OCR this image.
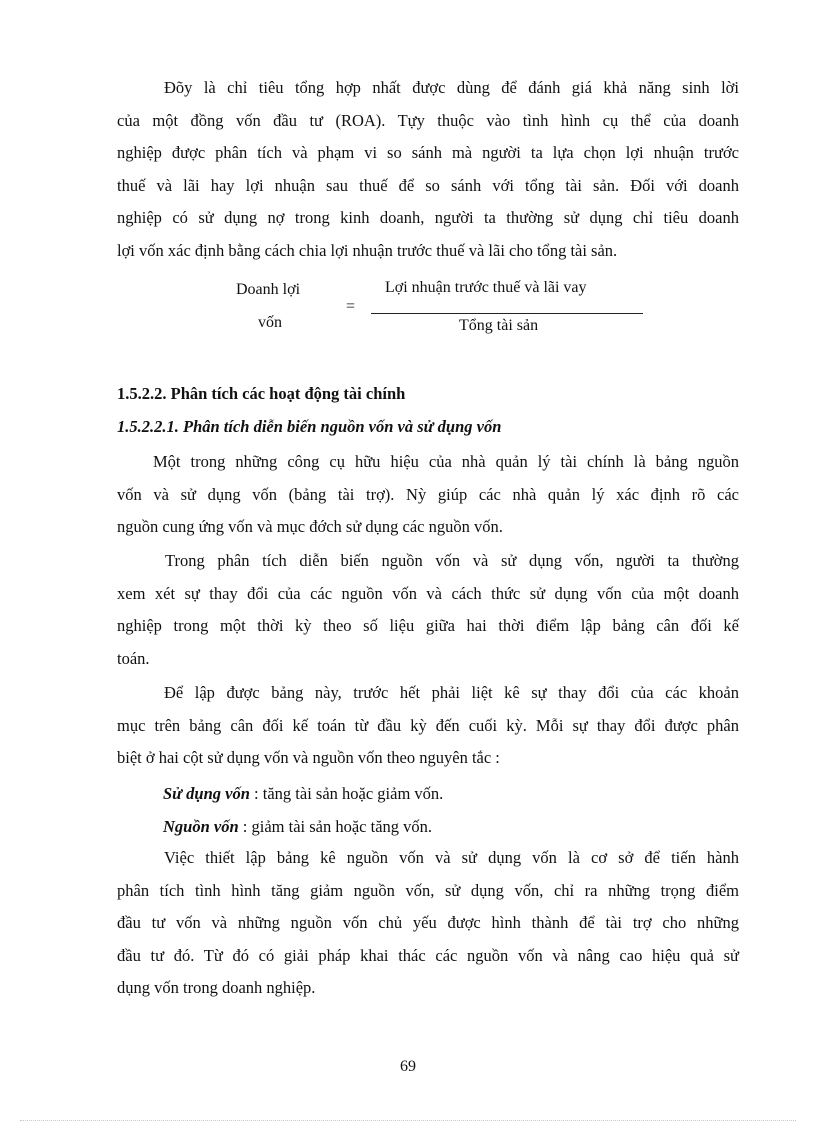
Đõy là chỉ tiêu tổng hợp nhất được dùng để đánh giá khả năng sinh lời
của một đồng vốn đầu tư (ROA). Tựy thuộc vào tình hình cụ thể của doanh
nghiệp được phân tích và phạm vi so sánh mà người ta lựa chọn lợi nhuận trước
thuế và lãi hay lợi nhuận sau thuế để so sánh với tổng tài sản. Đối với doanh
nghiệp có sử dụng nợ trong kinh doanh, người ta thường sử dụng chỉ tiêu doanh
lợi vốn xác định bằng cách chia lợi nhuận trước thuế và lãi cho tổng tài sản.

Doanh lợi
vốn
=
Lợi nhuận trước thuế và lãi vay
Tổng tài sản
1.5.2.2. Phân tích các hoạt động tài chính
1.5.2.2.1. Phân tích diễn biến nguồn vốn và sử dụng vốn

Một trong những công cụ hữu hiệu của nhà quản lý tài chính là bảng nguồn
vốn và sử dụng vốn (bảng tài trợ). Nỳ giúp các nhà quản lý xác định rõ các
nguồn cung ứng vốn và mục đớch sử dụng các nguồn vốn.

Trong phân tích diễn biến nguồn vốn và sử dụng vốn, người ta thường
xem xét sự thay đổi của các nguồn vốn và cách thức sử dụng vốn của một doanh
nghiệp trong một thời kỳ theo số liệu giữa hai thời điểm lập bảng cân đối kế
toán.

Để lập được bảng này, trước hết phải liệt kê sự thay đổi của các khoản
mục trên bảng cân đối kế toán từ đầu kỳ đến cuối kỳ. Mỗi sự thay đổi được phân
biệt ở hai cột sử dụng vốn và nguồn vốn theo nguyên tắc :

Sử dụng vốn : tăng tài sản hoặc giảm vốn.
Nguồn vốn : giảm tài sản hoặc tăng vốn.

Việc thiết lập bảng kê nguồn vốn và sử dụng vốn là cơ sở để tiến hành
phân tích tình hình tăng giảm nguồn vốn, sử dụng vốn, chỉ ra những trọng điểm
đầu tư vốn và những nguồn vốn chủ yếu được hình thành để tài trợ cho những
đầu tư đó. Từ đó có giải pháp khai thác các nguồn vốn và nâng cao hiệu quả sử
dụng vốn trong doanh nghiệp.

69
